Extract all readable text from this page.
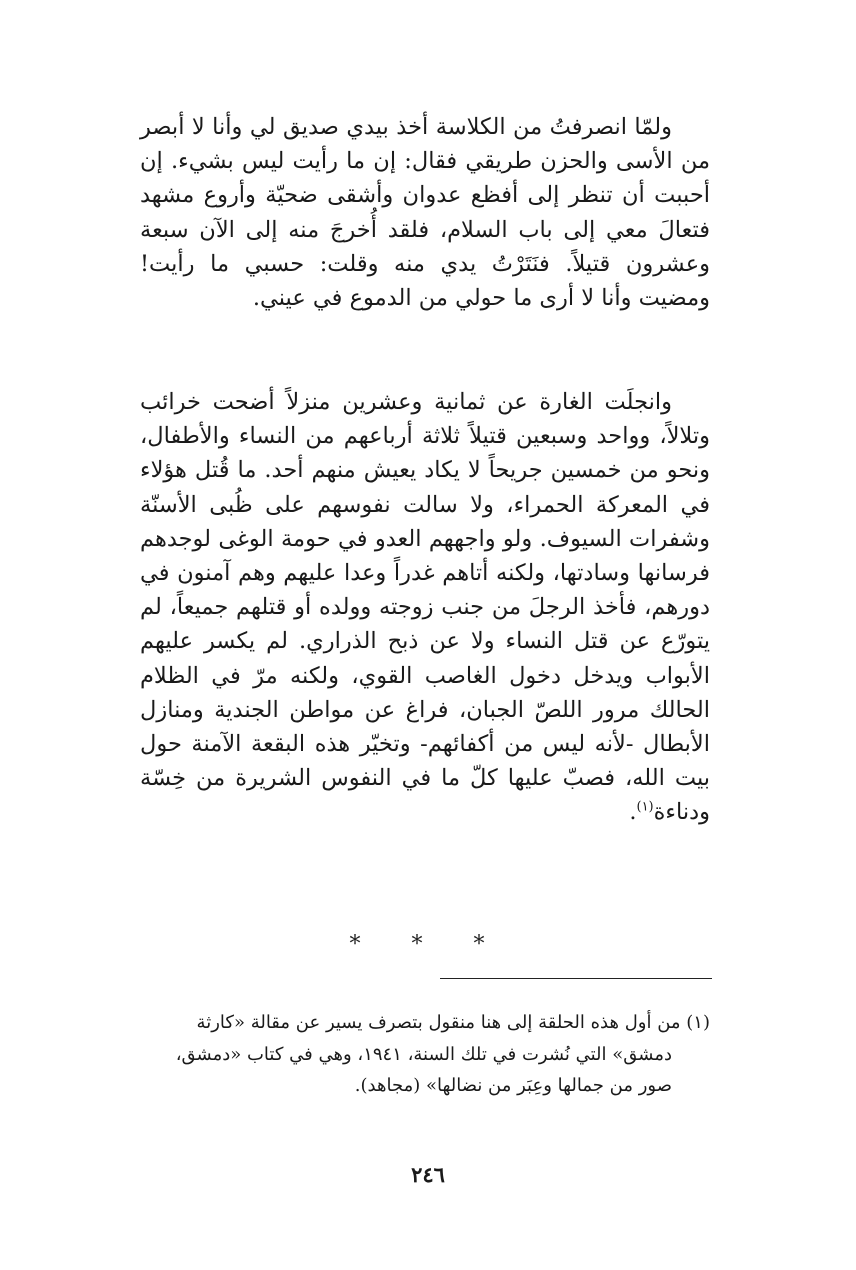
ولمّا انصرفتُ من الكلاسة أخذ بيدي صديق لي وأنا لا أبصر من الأسى والحزن طريقي فقال: إن ما رأيت ليس بشيء. إن أحببت أن تنظر إلى أفظع عدوان وأشقى ضحيّة وأروع مشهد فتعالَ معي إلى باب السلام، فلقد أُخرجَ منه إلى الآن سبعة وعشرون قتيلاً. فنَتَرْتُ يدي منه وقلت: حسبي ما رأيت! ومضيت وأنا لا أرى ما حولي من الدموع في عيني.

وانجلَت الغارة عن ثمانية وعشرين منزلاً أضحت خرائب وتلالاً، وواحد وسبعين قتيلاً ثلاثة أرباعهم من النساء والأطفال، ونحو من خمسين جريحاً لا يكاد يعيش منهم أحد. ما قُتل هؤلاء في المعركة الحمراء، ولا سالت نفوسهم على ظُبى الأسنّة وشفرات السيوف. ولو واجههم العدو في حومة الوغى لوجدهم فرسانها وسادتها، ولكنه أتاهم غدراً وعدا عليهم وهم آمنون في دورهم، فأخذ الرجلَ من جنب زوجته وولده أو قتلهم جميعاً، لم يتورّع عن قتل النساء ولا عن ذبح الذراري. لم يكسر عليهم الأبواب ويدخل دخول الغاصب القوي، ولكنه مرّ في الظلام الحالك مرور اللصّ الجبان، فراغ عن مواطن الجندية ومنازل الأبطال -لأنه ليس من أكفائهم- وتخيّر هذه البقعة الآمنة حول بيت الله، فصبّ عليها كلّ ما في النفوس الشريرة من خِسّة ودناءة$^{(١)}$.

* * *
(١) من أول هذه الحلقة إلى هنا منقول بتصرف يسير عن مقالة «كارثة
دمشق» التي نُشرت في تلك السنة، ١٩٤١، وهي في كتاب «دمشق،
صور من جمالها وعِبَر من نضالها» (مجاهد).
٢٤٦
